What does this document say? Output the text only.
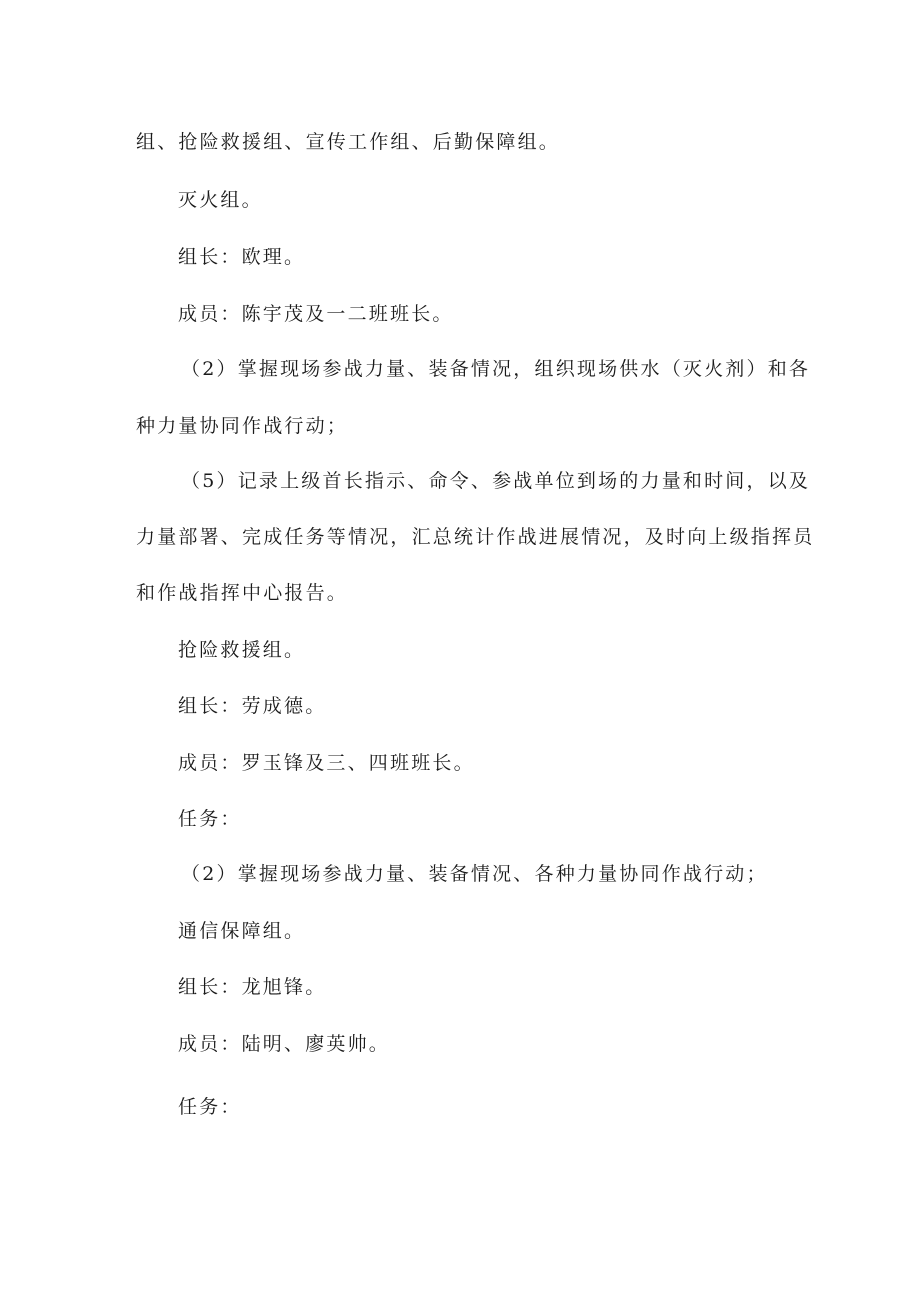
组、抢险救援组、宣传工作组、后勤保障组。
灭火组。
组长：欧理。
成员：陈宇茂及一二班班长。
（2）掌握现场参战力量、装备情况，组织现场供水（灭火剂）和各
种力量协同作战行动；
（5）记录上级首长指示、命令、参战单位到场的力量和时间，以及
力量部署、完成任务等情况，汇总统计作战进展情况，及时向上级指挥员
和作战指挥中心报告。
抢险救援组。
组长：劳成德。
成员：罗玉锋及三、四班班长。
任务：
（2）掌握现场参战力量、装备情况、各种力量协同作战行动；
通信保障组。
组长：龙旭锋。
成员：陆明、廖英帅。
任务：
